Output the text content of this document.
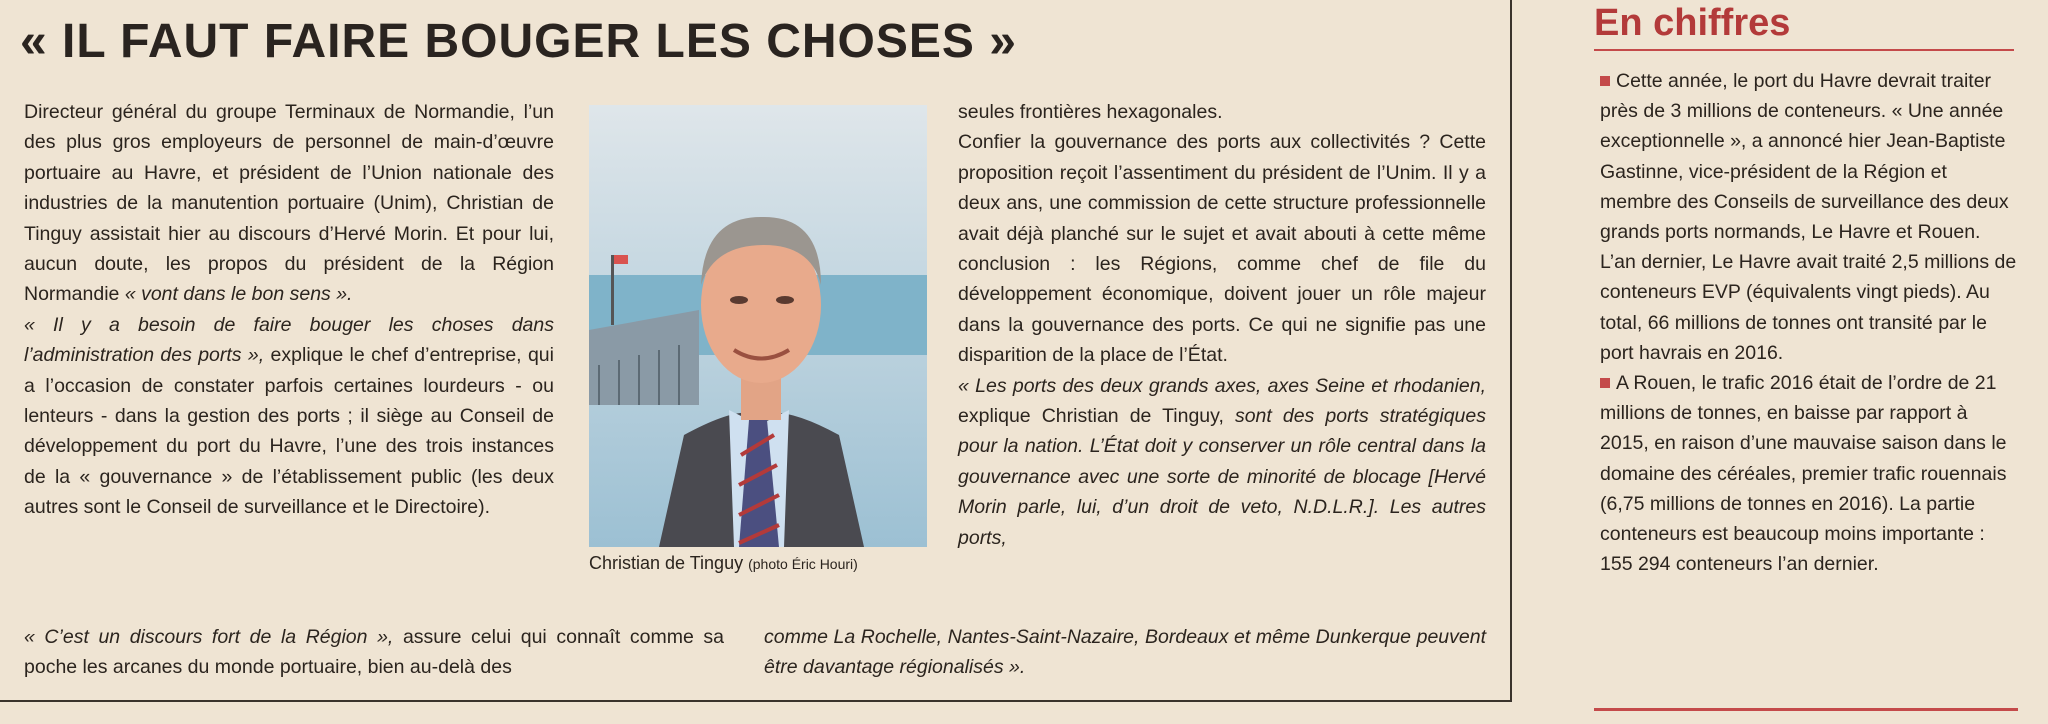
« IL FAUT FAIRE BOUGER LES CHOSES »

Directeur général du groupe Terminaux de Normandie, l’un des plus gros employeurs de personnel de main-d’œuvre portuaire au Havre, et président de l’Union nationale des industries de la manutention portuaire (Unim), Christian de Tinguy assistait hier au discours d’Hervé Morin. Et pour lui, aucun doute, les propos du président de la Région Normandie « vont dans le bon sens ».

« Il y a besoin de faire bouger les choses dans l’administration des ports », explique le chef d’entreprise, qui a l’occasion de constater parfois certaines lourdeurs - ou lenteurs - dans la gestion des ports ; il siège au Conseil de développement du port du Havre, l’une des trois instances de la « gouvernance » de l’établissement public (les deux autres sont le Conseil de surveillance et le Directoire).

Christian de Tinguy (photo Éric Houri)

seules frontières hexagonales.

Confier la gouvernance des ports aux collectivités ? Cette proposition reçoit l’assentiment du président de l’Unim. Il y a deux ans, une commission de cette structure professionnelle avait déjà planché sur le sujet et avait abouti à cette même conclusion : les Régions, comme chef de file du développement économique, doivent jouer un rôle majeur dans la gouvernance des ports. Ce qui ne signifie pas une disparition de la place de l’État.

« Les ports des deux grands axes, axes Seine et rhodanien, explique Christian de Tinguy, sont des ports stratégiques pour la nation. L’État doit y conserver un rôle central dans la gouvernance avec une sorte de minorité de blocage [Hervé Morin parle, lui, d’un droit de veto, N.D.L.R.]. Les autres ports,

« C’est un discours fort de la Région », assure celui qui connaît comme sa poche les arcanes du monde portuaire, bien au-delà des
comme La Rochelle, Nantes-Saint-Nazaire, Bordeaux et même Dunkerque peuvent être davantage régionalisés ».
En chiffres

Cette année, le port du Havre devrait traiter près de 3 millions de conteneurs. « Une année exceptionnelle », a annoncé hier Jean-Baptiste Gastinne, vice-président de la Région et membre des Conseils de surveillance des deux grands ports normands, Le Havre et Rouen. L’an dernier, Le Havre avait traité 2,5 millions de conteneurs EVP (équivalents vingt pieds). Au total, 66 millions de tonnes ont transité par le port havrais en 2016.

A Rouen, le trafic 2016 était de l’ordre de 21 millions de tonnes, en baisse par rapport à 2015, en raison d’une mauvaise saison dans le domaine des céréales, premier trafic rouennais (6,75 millions de tonnes en 2016). La partie conteneurs est beaucoup moins importante : 155 294 conteneurs l’an dernier.
